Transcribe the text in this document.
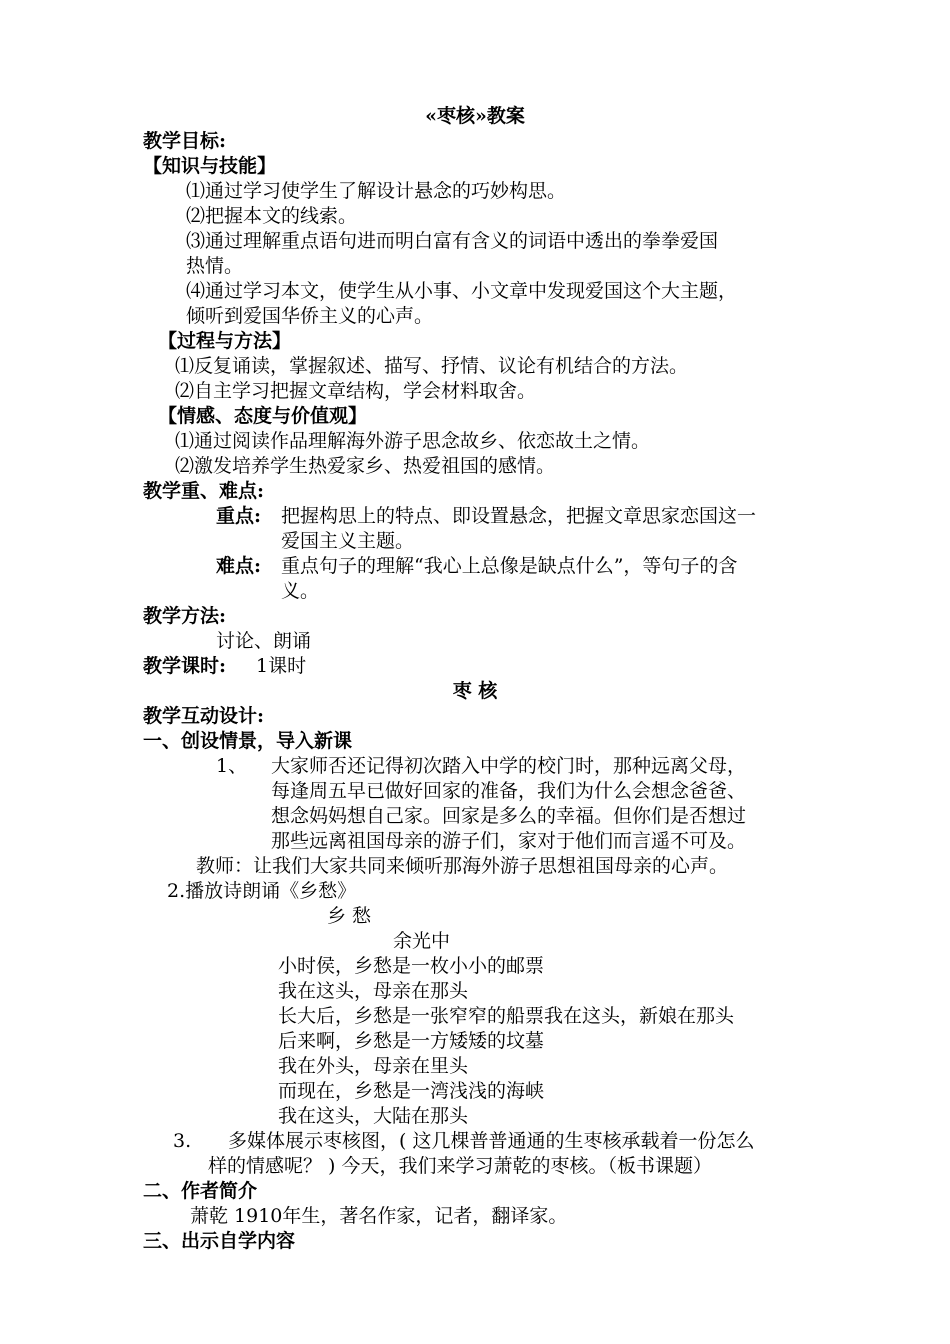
«枣核»教案
教学目标:
【知识与技能】
⑴通过学习使学生了解设计悬念的巧妙构思。
⑵把握本文的线索。
⑶通过理解重点语句进而明白富有含义的词语中透出的拳拳爱国
热情。
⑷通过学习本文，使学生从小事、小文章中发现爱国这个大主题，
倾听到爱国华侨主义的心声。
【过程与方法】
⑴反复诵读，掌握叙述、描写、抒情、议论有机结合的方法。
⑵自主学习把握文章结构，学会材料取舍。
【情感、态度与价值观】
⑴通过阅读作品理解海外游子思念故乡、依恋故土之情。
⑵激发培养学生热爱家乡、热爱祖国的感情。
教学重、难点:
重点: 把握构思上的特点、即设置悬念，把握文章思家恋国这一
爱国主义主题。
难点: 重点句子的理解“我心上总像是缺点什么”，等句子的含
义。
教学方法:
讨论、朗诵
教学课时: 1课时
枣 核
教学互动设计:
一、创设情景，导入新课
1、 大家师否还记得初次踏入中学的校门时，那种远离父母，
每逢周五早已做好回家的准备，我们为什么会想念爸爸、
想念妈妈想自己家。回家是多么的幸福。但你们是否想过
那些远离祖国母亲的游子们，家对于他们而言遥不可及。
教师：让我们大家共同来倾听那海外游子思想祖国母亲的心声。
2.播放诗朗诵《乡愁》
乡 愁
余光中
小时侯，乡愁是一枚小小的邮票
我在这头，母亲在那头
长大后，乡愁是一张窄窄的船票我在这头，新娘在那头
后来啊，乡愁是一方矮矮的坟墓
我在外头，母亲在里头
而现在，乡愁是一湾浅浅的海峡
我在这头，大陆在那头
3. 多媒体展示枣核图，( 这几棵普普通通的生枣核承载着一份怎么
样的情感呢？ ) 今天，我们来学习萧乾的枣核。（板书课题）
二、作者简介
萧乾 1910年生，著名作家，记者，翻译家。
三、出示自学内容
